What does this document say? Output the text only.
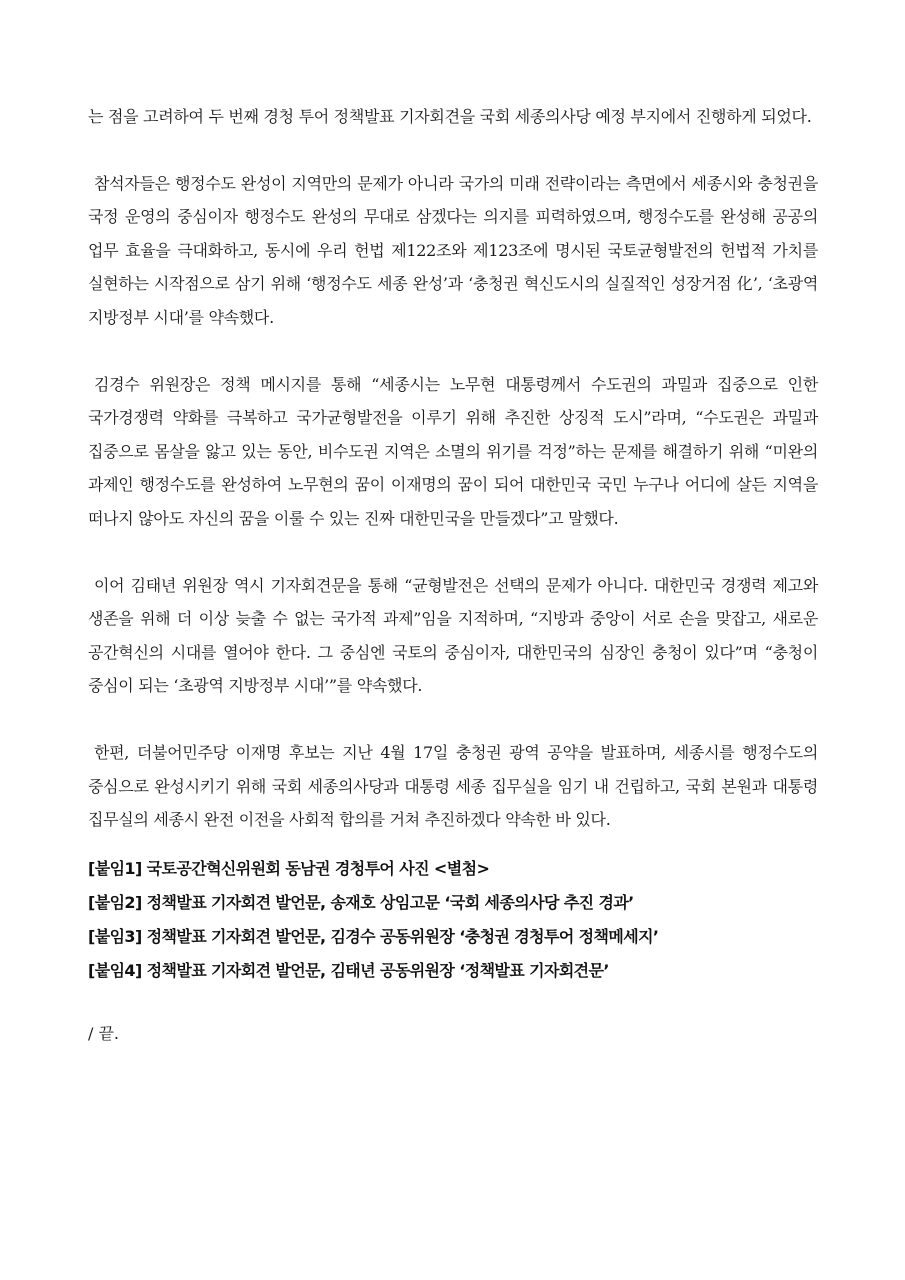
는 점을 고려하여 두 번째 경청 투어 정책발표 기자회견을 국회 세종의사당 예정 부지에서 진행하게 되었다.

참석자들은 행정수도 완성이 지역만의 문제가 아니라 국가의 미래 전략이라는 측면에서 세종시와 충청권을 국정 운영의 중심이자 행정수도 완성의 무대로 삼겠다는 의지를 피력하였으며, 행정수도를 완성해 공공의 업무 효율을 극대화하고, 동시에 우리 헌법 제122조와 제123조에 명시된 국토균형발전의 헌법적 가치를 실현하는 시작점으로 삼기 위해 ‘행정수도 세종 완성’과 ‘충청권 혁신도시의 실질적인 성장거점 化’, ‘초광역 지방정부 시대’를 약속했다.

김경수 위원장은 정책 메시지를 통해 “세종시는 노무현 대통령께서 수도권의 과밀과 집중으로 인한 국가경쟁력 약화를 극복하고 국가균형발전을 이루기 위해 추진한 상징적 도시”라며, “수도권은 과밀과 집중으로 몸살을 앓고 있는 동안, 비수도권 지역은 소멸의 위기를 걱정”하는 문제를 해결하기 위해 “미완의 과제인 행정수도를 완성하여 노무현의 꿈이 이재명의 꿈이 되어 대한민국 국민 누구나 어디에 살든 지역을 떠나지 않아도 자신의 꿈을 이룰 수 있는 진짜 대한민국을 만들겠다”고 말했다.

이어 김태년 위원장 역시 기자회견문을 통해 “균형발전은 선택의 문제가 아니다. 대한민국 경쟁력 제고와 생존을 위해 더 이상 늦출 수 없는 국가적 과제”임을 지적하며, “지방과 중앙이 서로 손을 맞잡고, 새로운 공간혁신의 시대를 열어야 한다. 그 중심엔 국토의 중심이자, 대한민국의 심장인 충청이 있다”며 “충청이 중심이 되는 ‘초광역 지방정부 시대’”를 약속했다.

한편, 더불어민주당 이재명 후보는 지난 4월 17일 충청권 광역 공약을 발표하며, 세종시를 행정수도의 중심으로 완성시키기 위해 국회 세종의사당과 대통령 세종 집무실을 임기 내 건립하고, 국회 본원과 대통령 집무실의 세종시 완전 이전을 사회적 합의를 거쳐 추진하겠다 약속한 바 있다.

[붙임1] 국토공간혁신위원회 동남권 경청투어 사진 <별첨>
[붙임2] 정책발표 기자회견 발언문, 송재호 상임고문 ‘국회 세종의사당 추진 경과’
[붙임3] 정책발표 기자회견 발언문, 김경수 공동위원장 ‘충청권 경청투어 정책메세지’
[붙임4] 정책발표 기자회견 발언문, 김태년 공동위원장 ‘정책발표 기자회견문’
/ 끝.
